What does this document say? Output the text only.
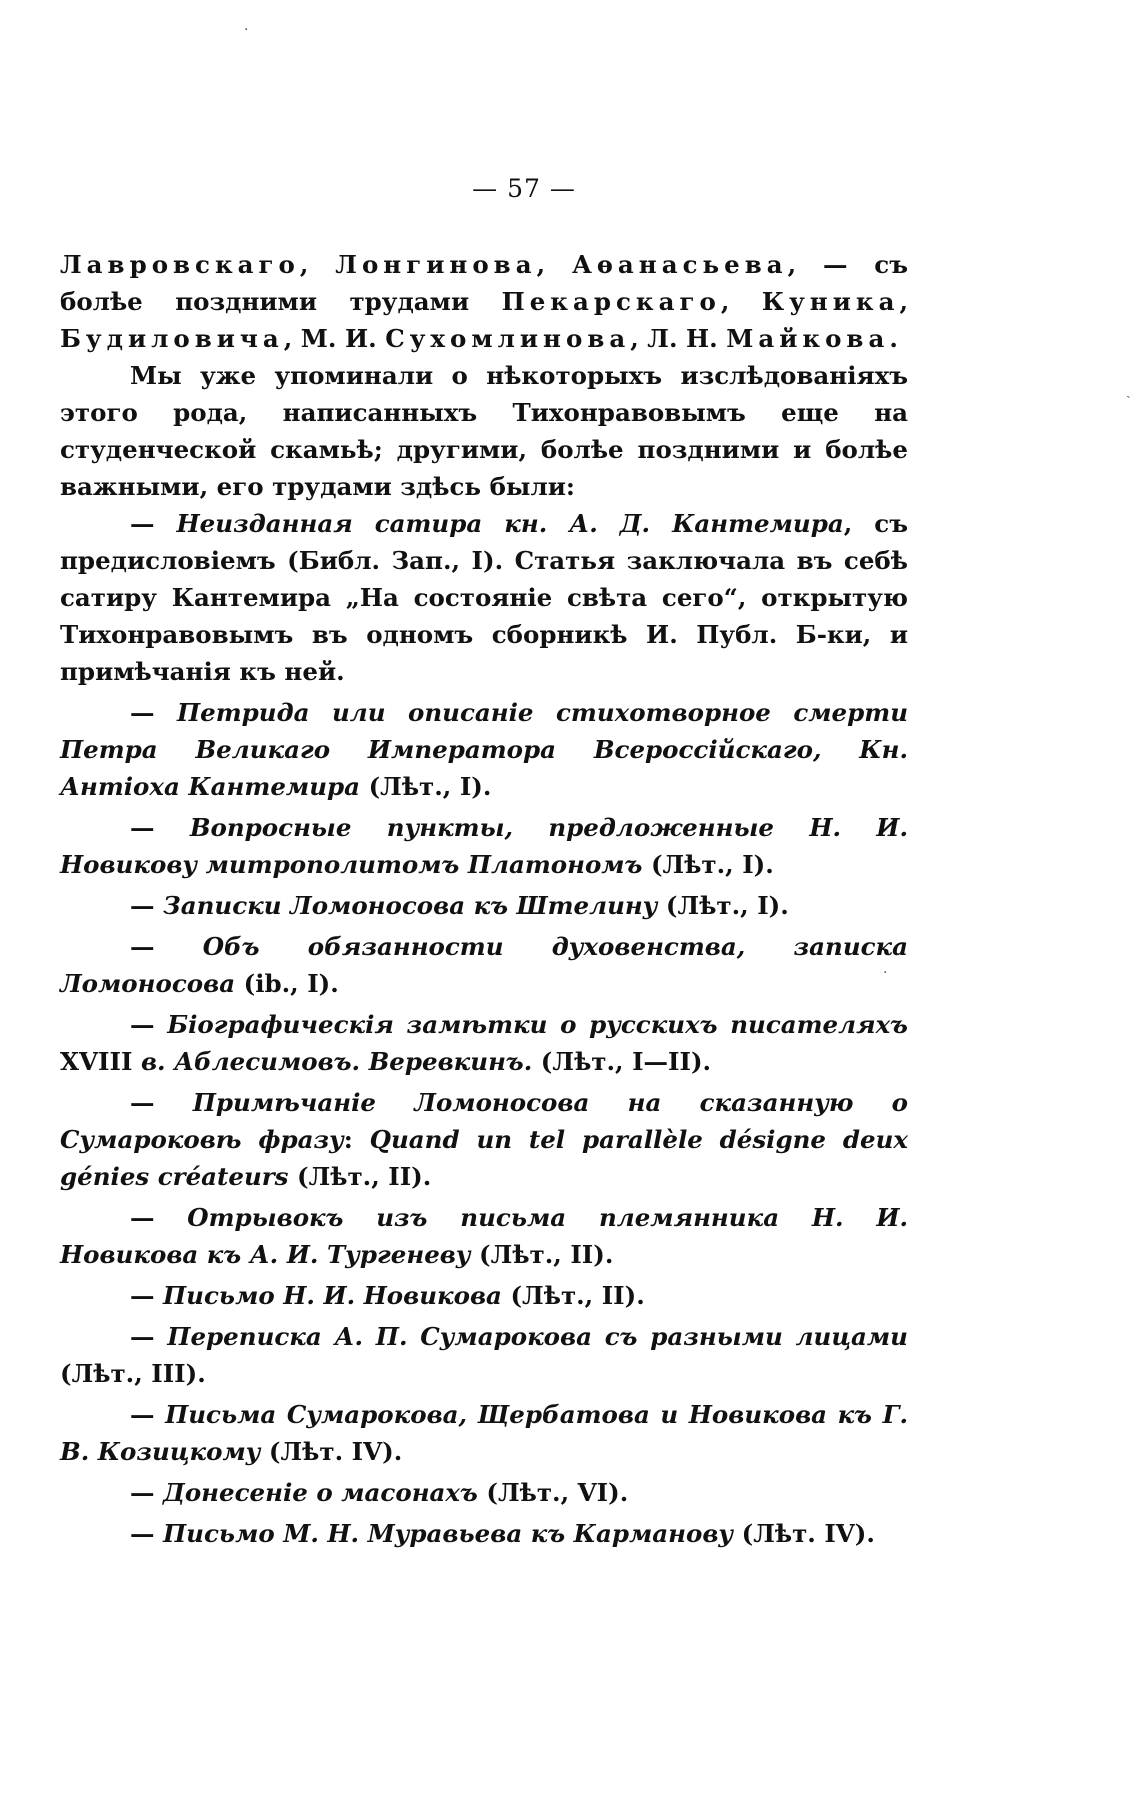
— 57 —

Лавровскаго, Лонгинова, Аѳанасьева, — съ болѣе поздними трудами Пекарскаго, Куника, Будиловича, М. И. Сухомлинова, Л. Н. Майкова.

Мы уже упоминали о нѣкоторыхъ изслѣдованіяхъ этого рода, написанныхъ Тихонравовымъ еще на студенческой скамьѣ; другими, болѣе поздними и болѣе важными, его трудами здѣсь были:

— Неизданная сатира кн. А. Д. Кантемира, съ предисловіемъ (Библ. Зап., I). Статья заключала въ себѣ сатиру Кантемира „На состояніе свѣта сего“, открытую Тихонравовымъ въ одномъ сборникѣ И. Публ. Б-ки, и примѣчанія къ ней.

— Петрида или описаніе стихотворное смерти Петра Великаго Императора Всероссійскаго, Кн. Антіоха Кантемира (Лѣт., I).

— Вопросные пункты, предложенные Н. И. Новикову митрополитомъ Платономъ (Лѣт., I).

— Записки Ломоносова къ Штелину (Лѣт., I).

— Объ обязанности духовенства, записка Ломоносова (ib., I).

— Біографическія замѣтки о русскихъ писателяхъ XVIII в. Аблесимовъ. Веревкинъ. (Лѣт., I—II).

— Примѣчаніе Ломоносова на сказанную о Сумароковѣ фразу: Quand un tel parallèle désigne deux génies créateurs (Лѣт., II).

— Отрывокъ изъ письма племянника Н. И. Новикова къ А. И. Тургеневу (Лѣт., II).

— Письмо Н. И. Новикова (Лѣт., II).

— Переписка А. П. Сумарокова съ разными лицами (Лѣт., III).

— Письма Сумарокова, Щербатова и Новикова къ Г. В. Козицкому (Лѣт. IV).

— Донесеніе о масонахъ (Лѣт., VI).

— Письмо М. Н. Муравьева къ Карманову (Лѣт. IV).

ˏ
·
·
